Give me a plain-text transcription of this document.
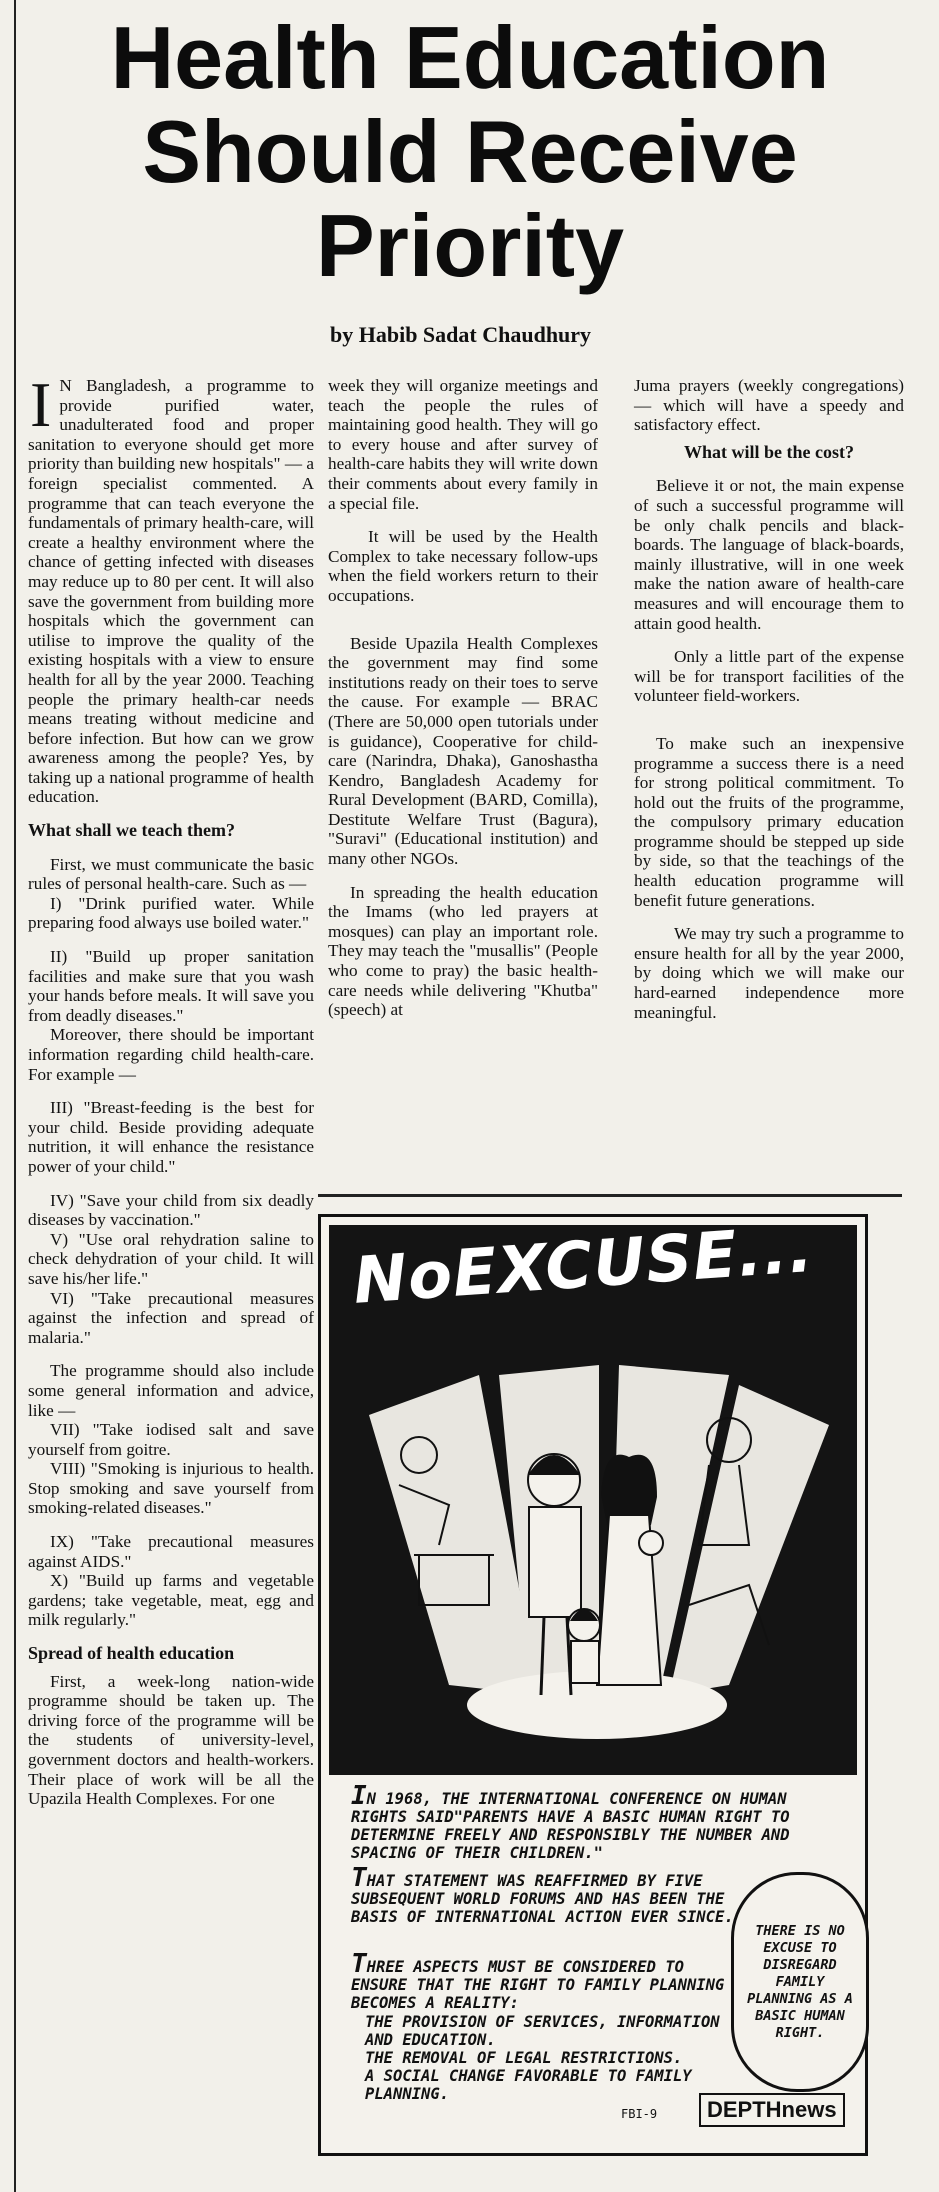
Health Education
Should Receive
Priority
by Habib Sadat Chaudhury

I N Bangladesh, a programme to provide purified water, unadulterated food and proper sanitation to everyone should get more priority than building new hospitals" — a foreign specialist commented. A programme that can teach everyone the fundamentals of primary health-care, will create a healthy environment where the chance of getting infected with diseases may reduce up to 80 per cent. It will also save the government from building more hospitals which the government can utilise to improve the quality of the existing hospitals with a view to ensure health for all by the year 2000. Teaching people the primary health-car needs means treating without medicine and before infection. But how can we grow awareness among the people? Yes, by taking up a national programme of health education.

What shall we teach them?

First, we must communicate the basic rules of personal health-care. Such as —

I) "Drink purified water. While preparing food always use boiled water."

II) "Build up proper sanitation facilities and make sure that you wash your hands before meals. It will save you from deadly diseases."

Moreover, there should be important information regarding child health-care. For example —

III) "Breast-feeding is the best for your child. Beside providing adequate nutrition, it will enhance the resistance power of your child."

IV) "Save your child from six deadly diseases by vaccination."

V) "Use oral rehydration saline to check dehydration of your child. It will save his/her life."

VI) "Take precautional measures against the infection and spread of malaria."

The programme should also include some general information and advice, like —

VII) "Take iodised salt and save yourself from goitre.

VIII) "Smoking is injurious to health. Stop smoking and save yourself from smoking-related diseases."

IX) "Take precautional measures against AIDS."

X) "Build up farms and vegetable gardens; take vegetable, meat, egg and milk regularly."

Spread of health education

First, a week-long nation-wide programme should be taken up. The driving force of the programme will be the students of university-level, government doctors and health-workers. Their place of work will be all the Upazila Health Complexes. For one

week they will organize meetings and teach the people the rules of maintaining good health. They will go to every house and after survey of health-care habits they will write down their comments about every family in a special file.

It will be used by the Health Complex to take necessary follow-ups when the field workers return to their occupations.

Beside Upazila Health Complexes the government may find some institutions ready on their toes to serve the cause. For example — BRAC (There are 50,000 open tutorials under is guidance), Cooperative for child-care (Narindra, Dhaka), Ganoshastha Kendro, Bangladesh Academy for Rural Development (BARD, Comilla), Destitute Welfare Trust (Bagura), "Suravi" (Educational institution) and many other NGOs.

In spreading the health education the Imams (who led prayers at mosques) can play an important role. They may teach the "musallis" (People who come to pray) the basic health-care needs while delivering "Khutba" (speech) at

Juma prayers (weekly congregations) — which will have a speedy and satisfactory effect.

What will be the cost?

Believe it or not, the main expense of such a successful programme will be only chalk pencils and black-boards. The language of black-boards, mainly illustrative, will in one week make the nation aware of health-care measures and will encourage them to attain good health.

Only a little part of the expense will be for transport facilities of the volunteer field-workers.

To make such an inexpensive programme a success there is a need for strong political commitment. To hold out the fruits of the programme, the compulsory primary education programme should be stepped up side by side, so that the teachings of the health education programme will benefit future generations.

We may try such a programme to ensure health for all by the year 2000, by doing which we will make our hard-earned independence more meaningful.

NoEXCUSE...
IN 1968, THE INTERNATIONAL CONFERENCE ON HUMAN RIGHTS SAID"PARENTS HAVE A BASIC HUMAN RIGHT TO DETERMINE FREELY AND RESPONSIBLY THE NUMBER AND SPACING OF THEIR CHILDREN."
THAT STATEMENT WAS REAFFIRMED BY FIVE SUBSEQUENT WORLD FORUMS AND HAS BEEN THE BASIS OF INTERNATIONAL ACTION EVER SINCE.
THREE ASPECTS MUST BE CONSIDERED TO ENSURE THAT THE RIGHT TO FAMILY PLANNING BECOMES A REALITY:
THE PROVISION OF SERVICES, INFORMATION AND EDUCATION.
THE REMOVAL OF LEGAL RESTRICTIONS.
A SOCIAL CHANGE FAVORABLE TO FAMILY PLANNING.
THERE IS NO EXCUSE TO DISREGARD FAMILY PLANNING AS A BASIC HUMAN RIGHT.
FBI-9	DEPTHnews
